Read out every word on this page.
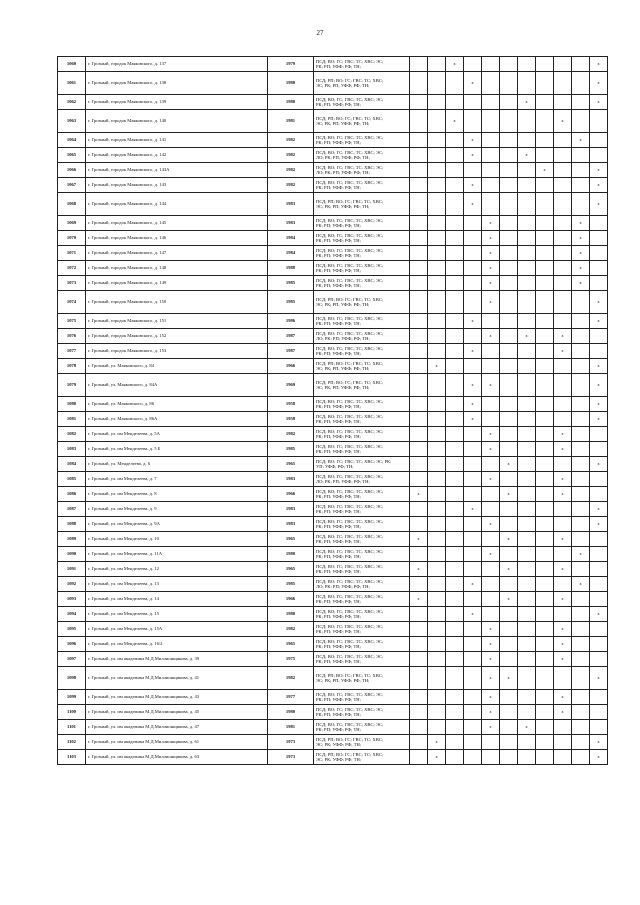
27
1060	г. Грозный, городок Маяковского, д. 137	1979	ПСД; ВО; ГС; ГВС; ТС; ХВС; ЭС;
РК; РП; УФФ; РФ; ТН;			x								x
1061	г. Грозный, городок Маяковского, д. 138	1980	ПСД; РП; ВО; ГС; ГВС; ТС; ХВС;
ЭС; РК; РП; УФФ; РФ; ТН;				x							x
1062	г. Грозный, городок Маяковского, д. 139	1980	ПСД; ВО; ГС; ГВС; ТС; ХВС; ЭС;
РК; РП; УФФ; РФ; ТН;							x				x
1063	г. Грозный, городок Маяковского, д. 140	1981	ПСД; РП; ВО; ГС; ГВС; ТС; ХВС;
ЭС; РК; РП; УФФ; РФ; ТН;			x						x		
1064	г. Грозный, городок Маяковского, д. 141	1982	ПСД; ВО; ГС; ГВС; ТС; ХВС; ЭС;
РК; РП; УФФ; РФ; ТН;				x						x	
1065	г. Грозный, городок Маяковского, д. 142	1982	ПСД; ВО; ГС; ГВС; ТС; ХВС; ЭС;
ЛО; РК; РП; УФФ; РФ; ТН;				x			x				
1066	г. Грозный, городок Маяковского, д. 143А	1982	ПСД; ВО; ГС; ГВС; ТС; ХВС; ЭС;
ЛО; РК; РП; УФФ; РФ; ТН;								x			x
1067	г. Грозный, городок Маяковского, д. 143	1982	ПСД; ВО; ГС; ГВС; ТС; ХВС; ЭС;
РК; РП; УФФ; РФ; ТН;				x							x
1068	г. Грозный, городок Маяковского, д. 144	1983	ПСД; РП; ВО; ГС; ГВС; ТС; ХВС;
ЭС; РК; РП; УФФ; РФ; ТН;				x							x
1069	г. Грозный, городок Маяковского, д. 145	1983	ПСД; ВО; ГС; ГВС; ТС; ХВС; ЭС;
РК; РП; УФФ; РФ; ТН;					x					x	
1070	г. Грозный, городок Маяковского, д. 146	1984	ПСД; ВО; ГС; ГВС; ТС; ХВС; ЭС;
РК; РП; УФФ; РФ; ТН;					x					x	
1071	г. Грозный, городок Маяковского, д. 147	1984	ПСД; ВО; ГС; ГВС; ТС; ХВС; ЭС;
РК; РП; УФФ; РФ; ТН;					x					x	
1072	г. Грозный, городок Маяковского, д. 148	1988	ПСД; ВО; ГС; ГВС; ТС; ХВС; ЭС;
РК; РП; УФФ; РФ; ТН;					x					x	
1073	г. Грозный, городок Маяковского, д. 149	1985	ПСД; ВО; ГС; ГВС; ТС; ХВС; ЭС;
РК; РП; УФФ; РФ; ТН;					x					x	
1074	г. Грозный, городок Маяковского, д. 150	1985	ПСД; РП; ВО; ГС; ГВС; ТС; ХВС;
ЭС; РК; РП; УФФ; РФ; ТН;					x						x
1075	г. Грозный, городок Маяковского, д. 151	1986	ПСД; ВО; ГС; ГВС; ТС; ХВС; ЭС;
РК; РП; УФФ; РФ; ТН;				x							x
1076	г. Грозный, городок Маяковского, д. 152	1987	ПСД; ВО; ГС; ГВС; ТС; ХВС; ЭС;
ЛО; РК; РП; УФФ; РФ; ТН;					x		x		x		
1077	г. Грозный, городок Маяковского, д. 153	1987	ПСД; ВО; ГС; ГВС; ТС; ХВС; ЭС;
РК; РП; УФФ; РФ; ТН;				x					x		
1078	г. Грозный, ул. Маяковского, д. 84	1966	ПСД; РП; ВО; ГС; ГВС; ТС; ХВС;
ЭС; РК; РП; УФФ; РФ; ТН;		x									x
1079	г. Грозный, ул. Маяковского, д. 84А	1969	ПСД; РП; ВО; ГС; ГВС; ТС; ХВС;
ЭС; РК; РП; УФФ; РФ; ТН;				x	x						x
1080	г. Грозный, ул. Маяковского, д. 86	1958	ПСД; ВО; ГС; ГВС; ТС; ХВС; ЭС;
РК; РП; УФФ; РФ; ТН;				x							x
1081	г. Грозный, ул. Маяковского, д. 86А	1958	ПСД; ВО; ГС; ГВС; ТС; ХВС; ЭС;
РК; РП; УФФ; РФ; ТН;				x							x
1082	г. Грозный, ул. им Менделеева, д. 5А	1982	ПСД; ВО; ГС; ГВС; ТС; ХВС; ЭС;
РК; РП; УФФ; РФ; ТН;					x				x		
1083	г. Грозный, ул. им Менделеева, д. 5 Б	1985	ПСД; ВО; ГС; ГВС; ТС; ХВС; ЭС;
РК; РП; УФФ; РФ; ТН;					x				x		
1084	г. Грозный, ул. Менделеева, д. 6	1965	ПСД; ВО; ГС; ГВС; ТС; ХВС; ЭС; РК;
УП; УФФ; РФ; ТН;						x					x
1085	г. Грозный, ул. им Менделеева, д. 7	1983	ПСД; ВО; ГС; ГВС; ТС; ХВС; ЭС;
ЛО; РК; РП; УФФ; РФ; ТН;					x				x		
1086	г. Грозный, ул. им Менделеева, д. 8	1966	ПСД; ВО; ГС; ГВС; ТС; ХВС; ЭС;
РК; РП; УФФ; РФ; ТН;	x					x			x		
1087	г. Грозный, ул. им Менделеева, д. 9	1983	ПСД; ВО; ГС; ГВС; ТС; ХВС; ЭС;
РК; РП; УФФ; РФ; ТН;				x							x
1088	г. Грозный, ул. им Менделеева, д. 9А	1983	ПСД; ВО; ГС; ГВС; ТС; ХВС; ЭС;
РК; РП; УФФ; РФ; ТН;					x						x
1089	г. Грозный, ул. им Менделеева, д. 10	1965	ПСД; ВО; ГС; ГВС; ТС; ХВС; ЭС;
РК; РП; УФФ; РФ; ТН;	x					x			x		
1090	г. Грозный, ул. им Менделеева, д. 11А	1980	ПСД; ВО; ГС; ГВС; ТС; ХВС; ЭС;
РК; РП; УФФ; РФ; ТН;					x					x	
1091	г. Грозный, ул. им Менделеева, д. 12	1965	ПСД; ВО; ГС; ГВС; ТС; ХВС; ЭС;
РК; РП; УФФ; РФ; ТН;	x					x			x		
1092	г. Грозный, ул. им Менделеева, д. 13	1985	ПСД; ВО; ГС; ГВС; ТС; ХВС; ЭС;
ЛО; РК; РП; УФФ; РФ; ТН;				x						x	
1093	г. Грозный, ул. им Менделеева, д. 14	1966	ПСД; ВО; ГС; ГВС; ТС; ХВС; ЭС;
РК; РП; УФФ; РФ; ТН;	x					x			x		
1094	г. Грозный, ул. им Менделеева, д. 15	1980	ПСД; ВО; ГС; ГВС; ТС; ХВС; ЭС;
РК; РП; УФФ; РФ; ТН;				x							x
1095	г. Грозный, ул. им Менделеева, д. 15А	1982	ПСД; ВО; ГС; ГВС; ТС; ХВС; ЭС;
РК; РП; УФФ; РФ; ТН;					x				x		
1096	г. Грозный, ул. им Менделеева, д. 16/2	1965	ПСД; ВО; ГС; ГВС; ТС; ХВС; ЭС;
РК; РП; УФФ; РФ; ТН;					x				x		
1097	г. Грозный, ул. им академика М.Д.Миллионщикова, д. 39	1975	ПСД; ВО; ГС; ГВС; ТС; ХВС; ЭС;
РК; РП; УФФ; РФ; ТН;					x				x		
1098	г. Грозный, ул. им академика М.Д.Миллионщикова, д. 41	1982	ПСД; РП; ВО; ГС; ГВС; ТС; ХВС;
ЭС; РК; РП; УФФ; РФ; ТН;					x	x					x
1099	г. Грозный, ул. им академика М.Д.Миллионщикова, д. 43	1977	ПСД; ВО; ГС; ГВС; ТС; ХВС; ЭС;
РК; РП; УФФ; РФ; ТН;					x				x		
1100	г. Грозный, ул. им академика М.Д.Миллионщикова, д. 45	1980	ПСД; ВО; ГС; ГВС; ТС; ХВС; ЭС;
РК; РП; УФФ; РФ; ТН;					x				x		
1101	г. Грозный, ул. им академика М.Д.Миллионщикова, д. 47	1981	ПСД; ВО; ГС; ГВС; ТС; ХВС; ЭС;
РК; РП; УФФ; РФ; ТН;					x		x				
1102	г. Грозный, ул. им академика М.Д.Миллионщикова, д. 61	1973	ПСД; РП; ВО; ГС; ГВС; ТС; ХВС;
ЭС; РК; УФФ; РФ; ТН;		x									x
1103	г. Грозный, ул. им академика М.Д.Миллионщикова, д. 63	1973	ПСД; РП; ВО; ГС; ГВС; ТС; ХВС;
ЭС; РК; УФФ; РФ; ТН;		x									x
